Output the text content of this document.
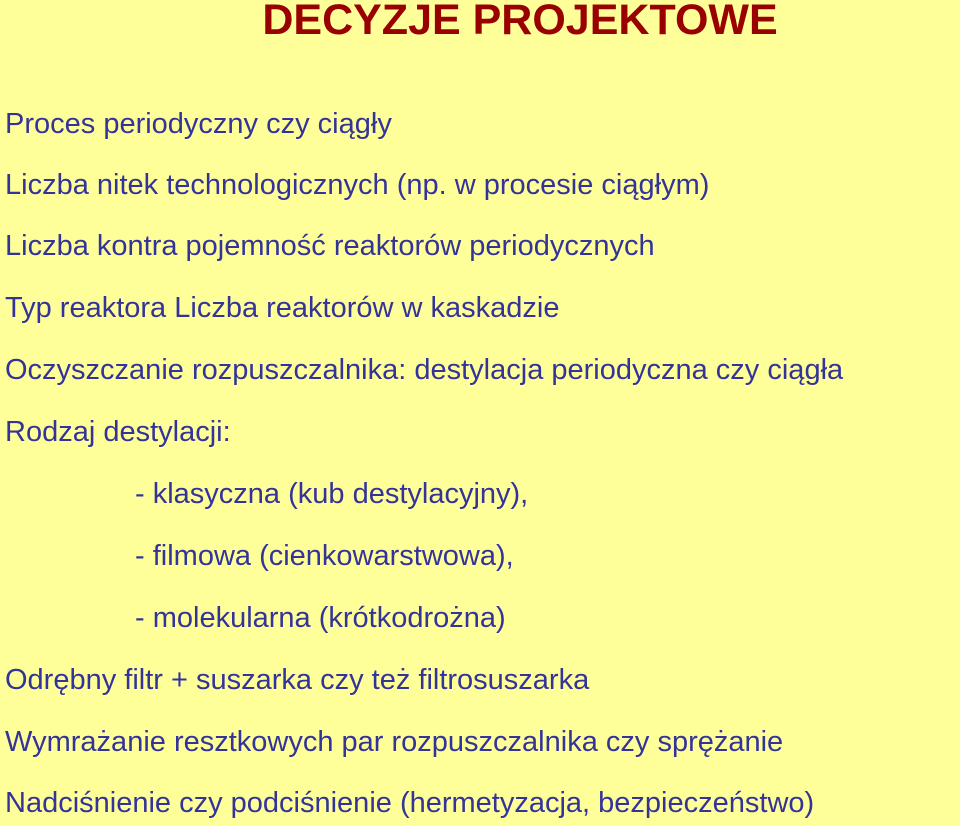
DECYZJE PROJEKTOWE

Proces periodyczny czy ciągły

Liczba nitek technologicznych (np. w procesie ciągłym)

Liczba kontra pojemność reaktorów periodycznych

Typ reaktora Liczba reaktorów w kaskadzie

Oczyszczanie rozpuszczalnika: destylacja periodyczna czy ciągła

Rodzaj destylacji:

- klasyczna (kub destylacyjny),

- filmowa (cienkowarstwowa),

- molekularna (krótkodrożna)

Odrębny filtr + suszarka czy też filtrosuszarka

Wymrażanie resztkowych par rozpuszczalnika czy sprężanie

Nadciśnienie czy podciśnienie (hermetyzacja, bezpieczeństwo)
